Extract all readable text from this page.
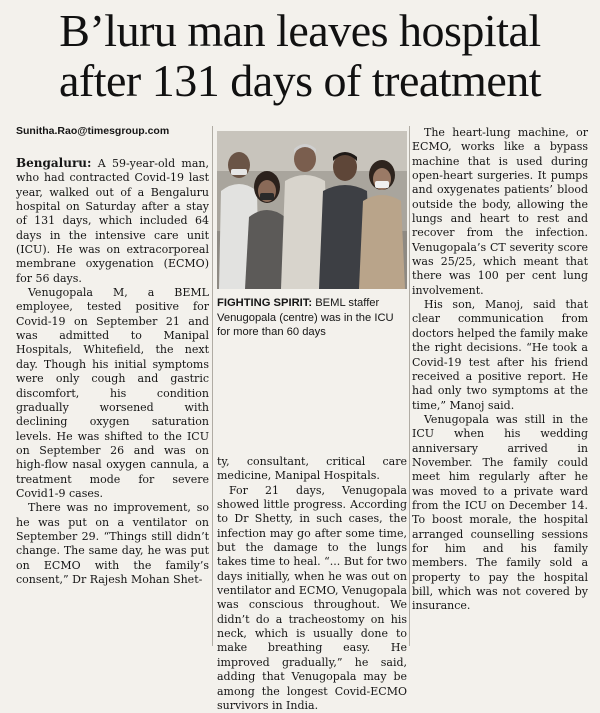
B’luru man leaves hospital
after 131 days of treatment
Sunitha.Rao@timesgroup.com

Bengaluru: A 59-year-old man, who had contracted Covid-19 last year, walked out of a Bengaluru hospital on Saturday after a stay of 131 days, which included 64 days in the intensive care unit (ICU). He was on extracorporeal membrane oxygenation (ECMO) for 56 days.

Venugopala M, a BEML employee, tested positive for Covid-19 on September 21 and was admitted to Manipal Hospitals, Whitefield, the next day. Though his initial symptoms were only cough and gastric discomfort, his condition gradually worsened with declining oxygen saturation levels. He was shifted to the ICU on September 26 and was on high-flow nasal oxygen cannula, a treatment mode for severe Covid1-9 cases.

There was no improvement, so he was put on a ventilator on September 29. “Things still didn’t change. The same day, he was put on ECMO with the family’s consent,” Dr Rajesh Mohan Shet-

FIGHTING SPIRIT: BEML staffer Venugopala (centre) was in the ICU for more than 60 days

ty, consultant, critical care medicine, Manipal Hospitals.

For 21 days, Venugopala showed little progress. According to Dr Shetty, in such cases, the infection may go after some time, but the damage to the lungs takes time to heal. “... But for two days initially, when he was out on ventilator and ECMO, Venugopala was conscious throughout. We didn’t do a tracheostomy on his neck, which is usually done to make breathing easy. He improved gradually,” he said, adding that Venugopala may be among the longest Covid-ECMO survivors in India.

The heart-lung machine, or ECMO, works like a bypass machine that is used during open-heart surgeries. It pumps and oxygenates patients’ blood outside the body, allowing the lungs and heart to rest and recover from the infection. Venugopala’s CT severity score was 25/25, which meant that there was 100 per cent lung involvement.

His son, Manoj, said that clear communication from doctors helped the family make the right decisions. “He took a Covid-19 test after his friend received a positive report. He had only two symptoms at the time,” Manoj said.

Venugopala was still in the ICU when his wedding anniversary arrived in November. The family could meet him regularly after he was moved to a private ward from the ICU on December 14. To boost morale, the hospital arranged counselling sessions for him and his family members. The family sold a property to pay the hospital bill, which was not covered by insurance.
